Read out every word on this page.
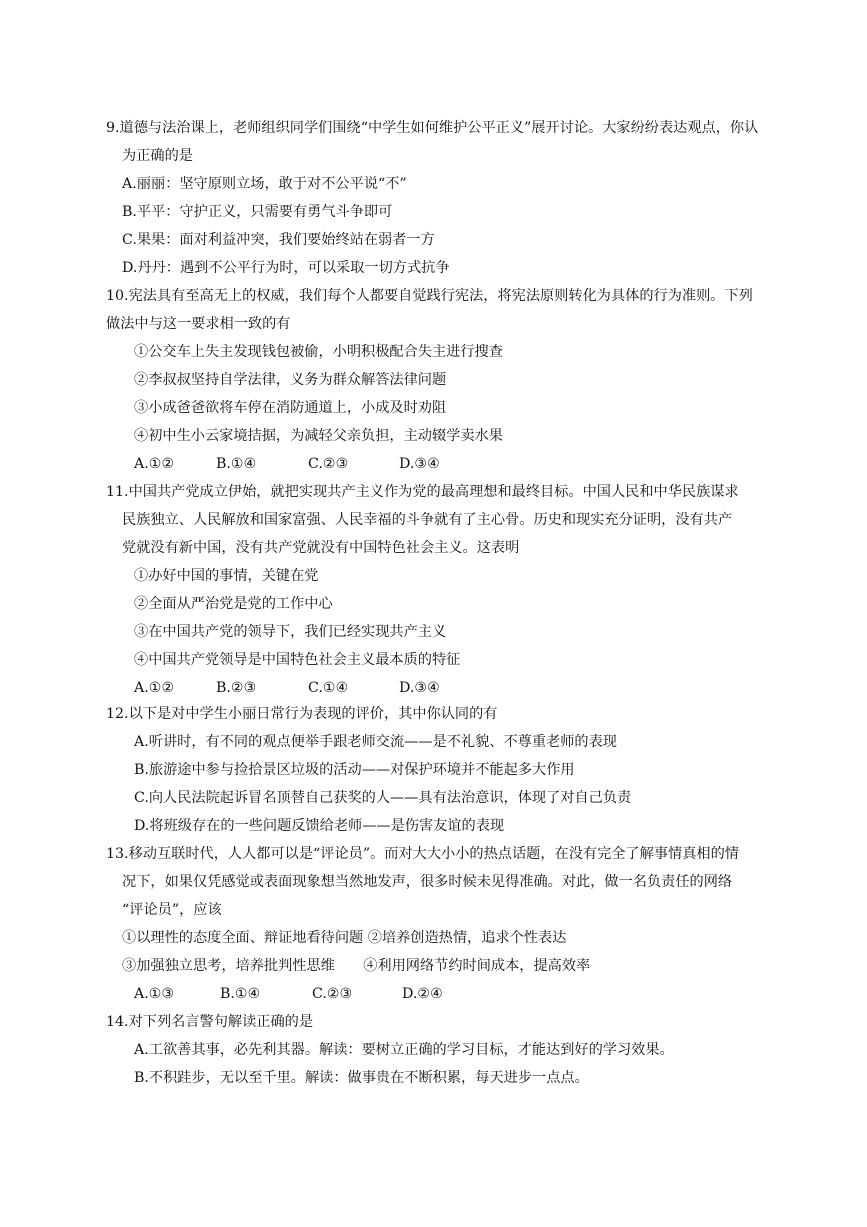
9.道德与法治课上，老师组织同学们围绕“中学生如何维护公平正义”展开讨论。大家纷纷表达观点，你认
为正确的是
A.丽丽：坚守原则立场，敢于对不公平说“不”
B.平平：守护正义，只需要有勇气斗争即可
C.果果：面对利益冲突，我们要始终站在弱者一方
D.丹丹：遇到不公平行为时，可以采取一切方式抗争
10.宪法具有至高无上的权威，我们每个人都要自觉践行宪法，将宪法原则转化为具体的行为准则。下列
做法中与这一要求相一致的有
①公交车上失主发现钱包被偷，小明积极配合失主进行搜查
②李叔叔坚持自学法律，义务为群众解答法律问题
③小成爸爸欲将车停在消防通道上，小成及时劝阻
④初中生小云家境拮据，为减轻父亲负担，主动辍学卖水果
A.①②	B.①④	C.②③	D.③④
11.中国共产党成立伊始，就把实现共产主义作为党的最高理想和最终目标。中国人民和中华民族谋求
民族独立、人民解放和国家富强、人民幸福的斗争就有了主心骨。历史和现实充分证明，没有共产
党就没有新中国，没有共产党就没有中国特色社会主义。这表明
①办好中国的事情，关键在党
②全面从严治党是党的工作中心
③在中国共产党的领导下，我们已经实现共产主义
④中国共产党领导是中国特色社会主义最本质的特征
A.①②	B.②③	C.①④	D.③④
12.以下是对中学生小丽日常行为表现的评价，其中你认同的有
A.听讲时，有不同的观点便举手跟老师交流——是不礼貌、不尊重老师的表现
B.旅游途中参与捡拾景区垃圾的活动——对保护环境并不能起多大作用
C.向人民法院起诉冒名顶替自己获奖的人——具有法治意识，体现了对自己负责
D.将班级存在的一些问题反馈给老师——是伤害友谊的表现
13.移动互联时代，人人都可以是“评论员”。而对大大小小的热点话题，在没有完全了解事情真相的情
况下，如果仅凭感觉或表面现象想当然地发声，很多时候未见得准确。对此，做一名负责任的网络
“评论员”，应该
①以理性的态度全面、辩证地看待问题 ②培养创造热情，追求个性表达
③加强独立思考，培养批判性思维　　④利用网络节约时间成本，提高效率
A.①③	B.①④	C.②③	D.②④
14.对下列名言警句解读正确的是
A.工欲善其事，必先利其器。解读：要树立正确的学习目标，才能达到好的学习效果。
B.不积跬步，无以至千里。解读：做事贵在不断积累，每天进步一点点。
